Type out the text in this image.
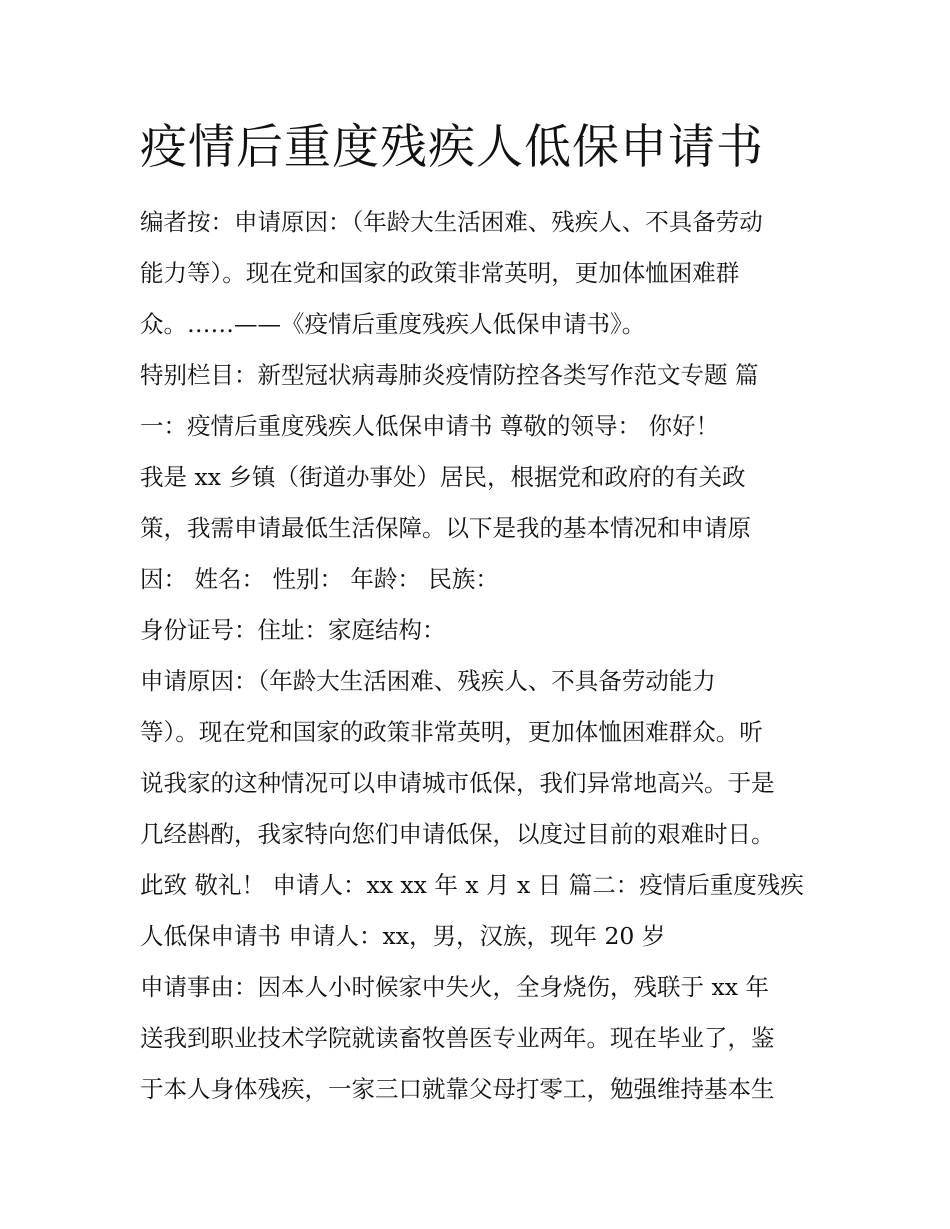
疫情后重度残疾人低保申请书
编者按：申请原因：（年龄大生活困难、残疾人、不具备劳动
能力等）。现在党和国家的政策非常英明，更加体恤困难群
众。……——《疫情后重度残疾人低保申请书》。
特别栏目：新型冠状病毒肺炎疫情防控各类写作范文专题 篇
一：疫情后重度残疾人低保申请书 尊敬的领导： 你好！
我是 xx 乡镇（街道办事处）居民，根据党和政府的有关政
策，我需申请最低生活保障。以下是我的基本情况和申请原
因： 姓名： 性别： 年龄： 民族：
身份证号：住址：家庭结构：
申请原因：（年龄大生活困难、残疾人、不具备劳动能力
等）。现在党和国家的政策非常英明，更加体恤困难群众。听
说我家的这种情况可以申请城市低保，我们异常地高兴。于是
几经斟酌，我家特向您们申请低保，以度过目前的艰难时日。
此致 敬礼！ 申请人：xx xx 年 x 月 x 日 篇二：疫情后重度残疾
人低保申请书 申请人：xx，男，汉族，现年 20 岁
申请事由：因本人小时候家中失火，全身烧伤，残联于 xx 年
送我到职业技术学院就读畜牧兽医专业两年。现在毕业了，鉴
于本人身体残疾，一家三口就靠父母打零工，勉强维持基本生
